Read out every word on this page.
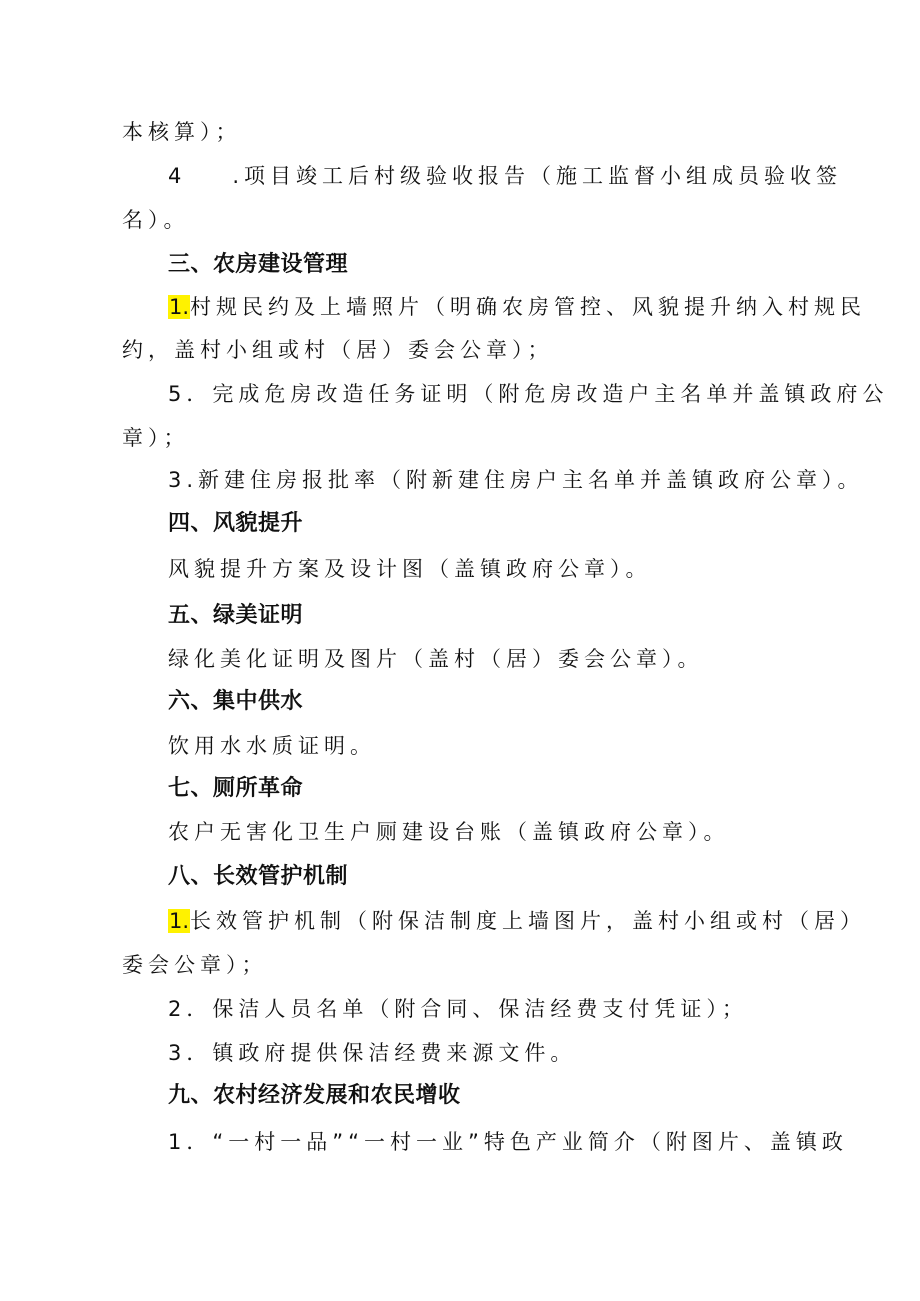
本核算）；
4 .项目竣工后村级验收报告（施工监督小组成员验收签
名）。
三、农房建设管理
1.村规民约及上墙照片（明确农房管控、风貌提升纳入村规民
约，盖村小组或村（居）委会公章）；
5．完成危房改造任务证明（附危房改造户主名单并盖镇政府公
章）；
3.新建住房报批率（附新建住房户主名单并盖镇政府公章）。
四、风貌提升
风貌提升方案及设计图（盖镇政府公章）。
五、绿美证明
绿化美化证明及图片（盖村（居）委会公章）。
六、集中供水
饮用水水质证明。
七、厕所革命
农户无害化卫生户厕建设台账（盖镇政府公章）。
八、长效管护机制
1.长效管护机制（附保洁制度上墙图片，盖村小组或村（居）
委会公章）；
2．保洁人员名单（附合同、保洁经费支付凭证）；
3．镇政府提供保洁经费来源文件。
九、农村经济发展和农民增收
1．“一村一品”“一村一业”特色产业简介（附图片、盖镇政
